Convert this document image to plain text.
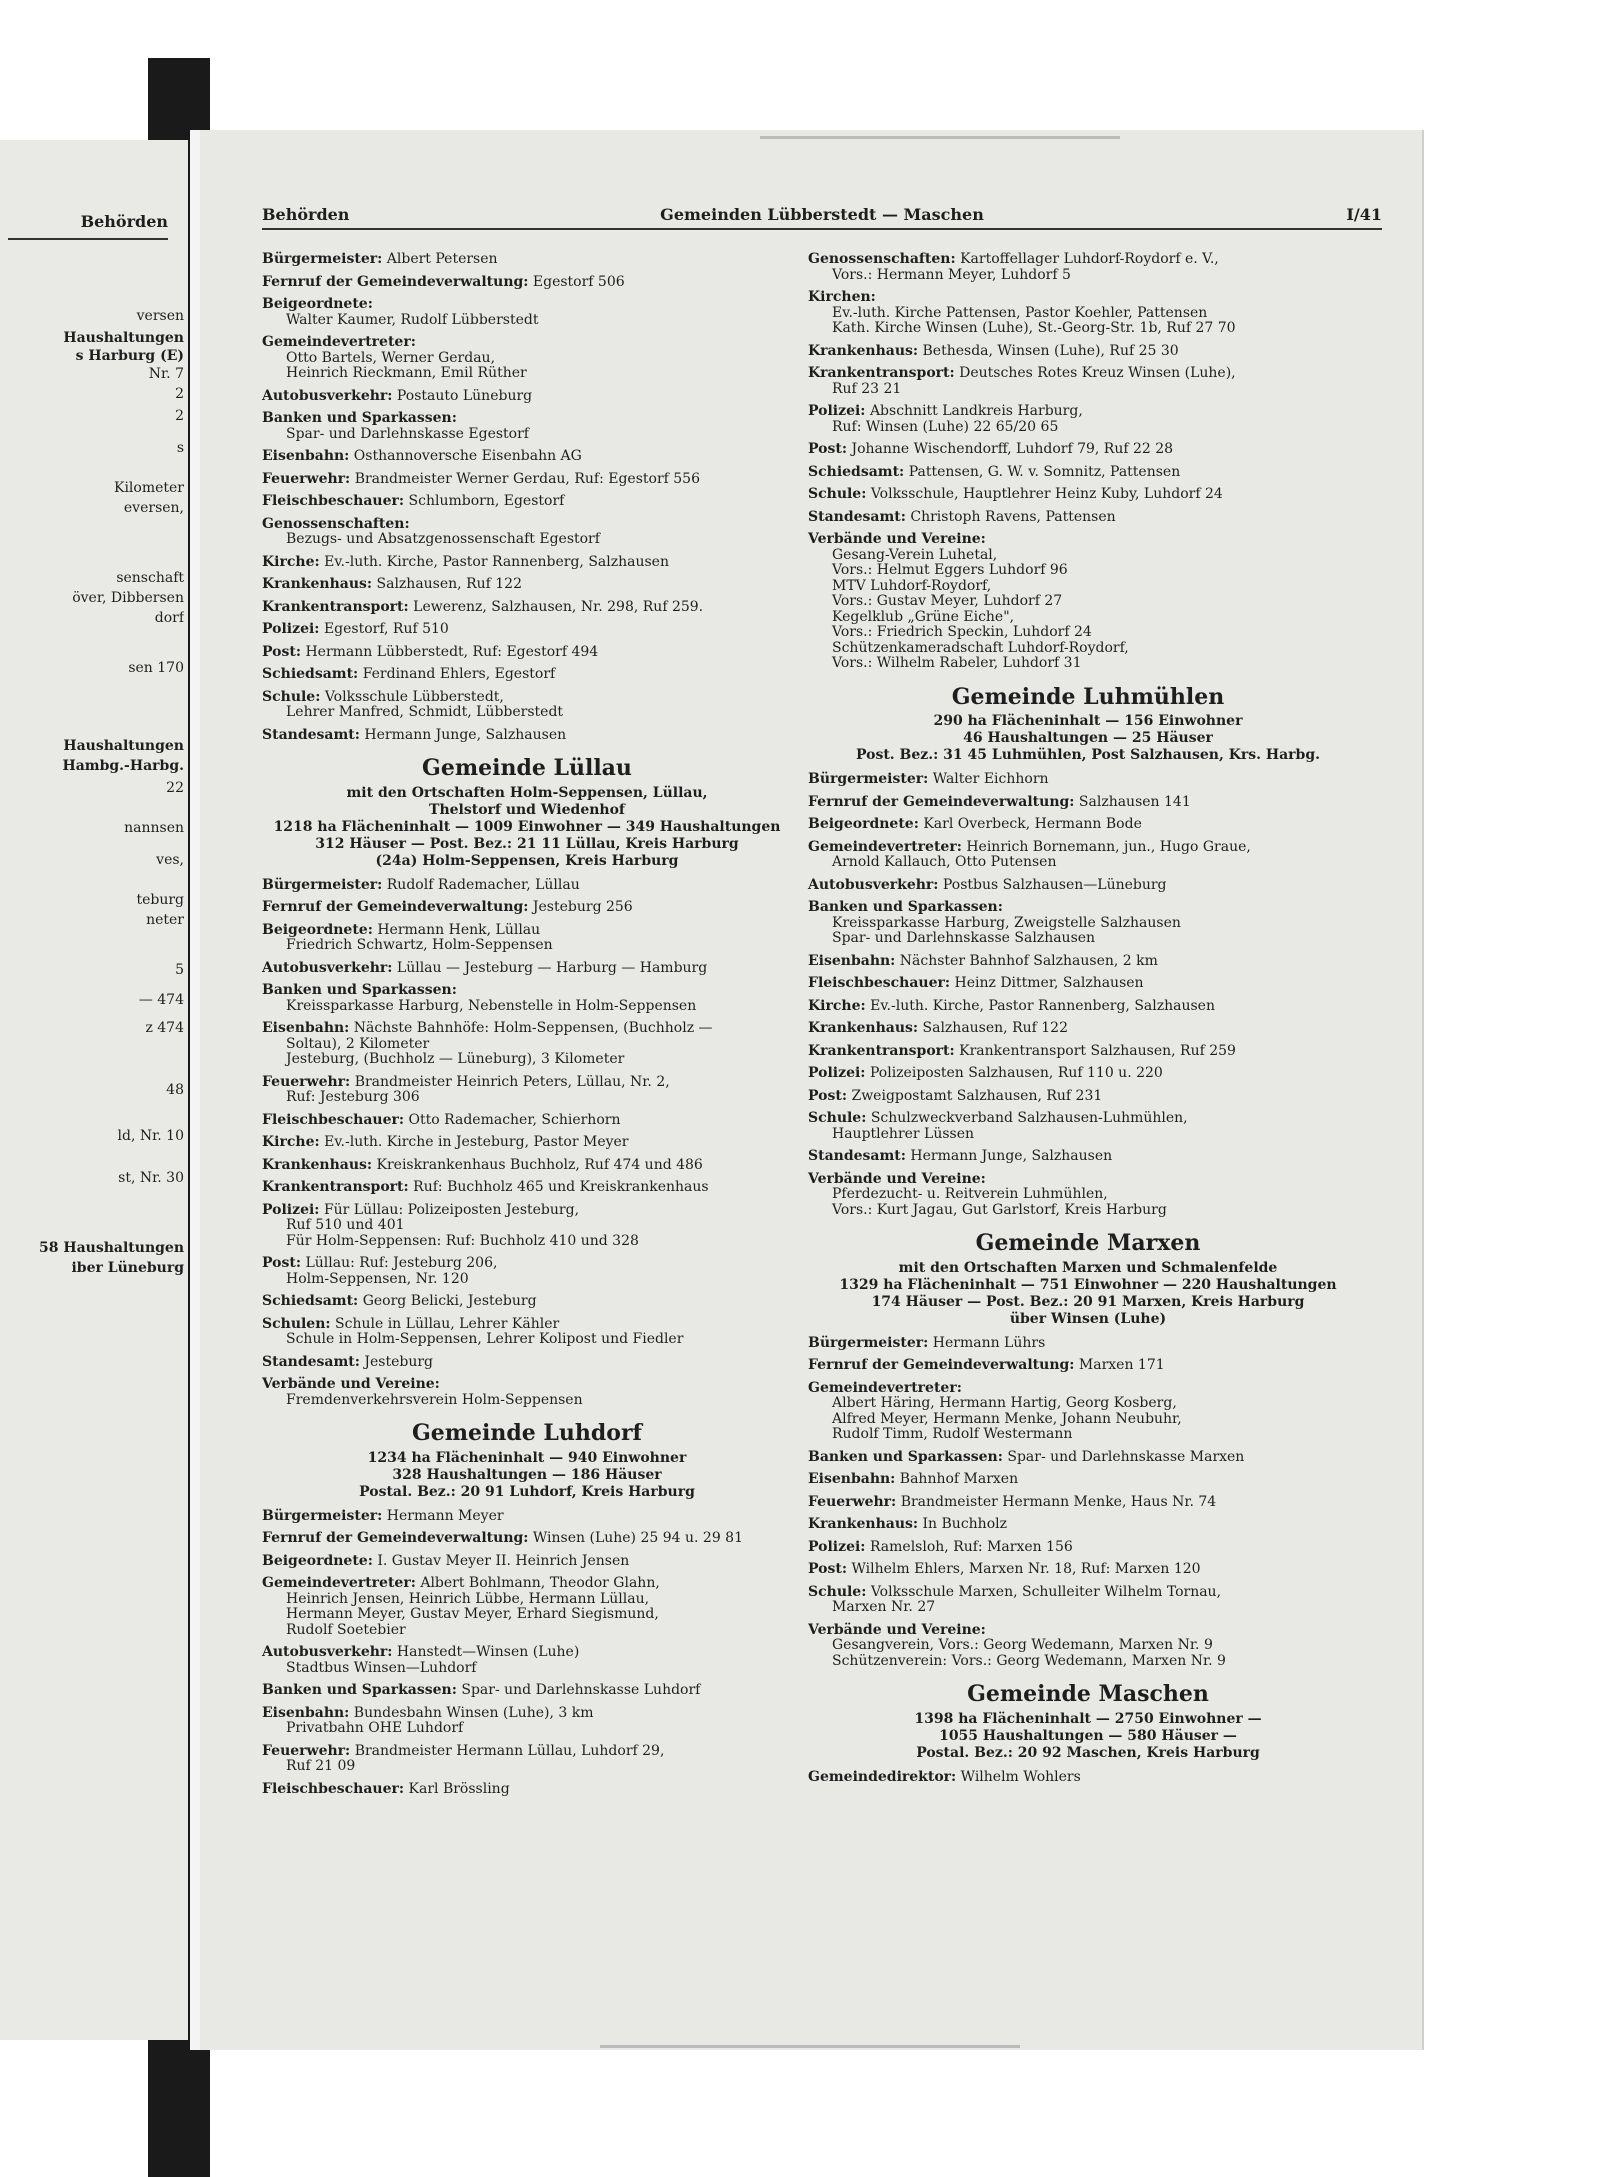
Behörden
versen
Haushaltungen
s Harburg (E)
Nr. 7
2
2
s
Kilometer
eversen,
senschaft
över, Dibbersen
dorf
sen 170
Haushaltungen
Hambg.-Harbg.
22
nannsen
ves,
teburg
neter
5
— 474
z 474
48
ld, Nr. 10
st, Nr. 30
58 Haushaltungen
iber Lüneburg
Behörden	Gemeinden Lübberstedt — Maschen	I/41
Bürgermeister: Albert Petersen
Fernruf der Gemeindeverwaltung: Egestorf 506
Beigeordnete:
Walter Kaumer, Rudolf Lübberstedt
Gemeindevertreter:
Otto Bartels, Werner Gerdau,
Heinrich Rieckmann, Emil Rüther
Autobusverkehr: Postauto Lüneburg
Banken und Sparkassen:
Spar- und Darlehnskasse Egestorf
Eisenbahn: Osthannoversche Eisenbahn AG
Feuerwehr: Brandmeister Werner Gerdau, Ruf: Egestorf 556
Fleischbeschauer: Schlumborn, Egestorf
Genossenschaften:
Bezugs- und Absatzgenossenschaft Egestorf
Kirche: Ev.-luth. Kirche, Pastor Rannenberg, Salzhausen
Krankenhaus: Salzhausen, Ruf 122
Krankentransport: Lewerenz, Salzhausen, Nr. 298, Ruf 259.
Polizei: Egestorf, Ruf 510
Post: Hermann Lübberstedt, Ruf: Egestorf 494
Schiedsamt: Ferdinand Ehlers, Egestorf
Schule: Volksschule Lübberstedt,
Lehrer Manfred, Schmidt, Lübberstedt
Standesamt: Hermann Junge, Salzhausen
Gemeinde Lüllau
mit den Ortschaften Holm-Seppensen, Lüllau,
Thelstorf und Wiedenhof
1218 ha Flächeninhalt — 1009 Einwohner — 349 Haushaltungen
312 Häuser — Post. Bez.: 21 11 Lüllau, Kreis Harburg
(24a) Holm-Seppensen, Kreis Harburg
Bürgermeister: Rudolf Rademacher, Lüllau
Fernruf der Gemeindeverwaltung: Jesteburg 256
Beigeordnete: Hermann Henk, Lüllau
Friedrich Schwartz, Holm-Seppensen
Autobusverkehr: Lüllau — Jesteburg — Harburg — Hamburg
Banken und Sparkassen:
Kreissparkasse Harburg, Nebenstelle in Holm-Seppensen
Eisenbahn: Nächste Bahnhöfe: Holm-Seppensen, (Buchholz —
Soltau), 2 Kilometer
Jesteburg, (Buchholz — Lüneburg), 3 Kilometer
Feuerwehr: Brandmeister Heinrich Peters, Lüllau, Nr. 2,
Ruf: Jesteburg 306
Fleischbeschauer: Otto Rademacher, Schierhorn
Kirche: Ev.-luth. Kirche in Jesteburg, Pastor Meyer
Krankenhaus: Kreiskrankenhaus Buchholz, Ruf 474 und 486
Krankentransport: Ruf: Buchholz 465 und Kreiskrankenhaus
Polizei: Für Lüllau: Polizeiposten Jesteburg,
Ruf 510 und 401
Für Holm-Seppensen: Ruf: Buchholz 410 und 328
Post: Lüllau: Ruf: Jesteburg 206,
Holm-Seppensen, Nr. 120
Schiedsamt: Georg Belicki, Jesteburg
Schulen: Schule in Lüllau, Lehrer Kähler
Schule in Holm-Seppensen, Lehrer Kolipost und Fiedler
Standesamt: Jesteburg
Verbände und Vereine:
Fremdenverkehrsverein Holm-Seppensen
Gemeinde Luhdorf
1234 ha Flächeninhalt — 940 Einwohner
328 Haushaltungen — 186 Häuser
Postal. Bez.: 20 91 Luhdorf, Kreis Harburg
Bürgermeister: Hermann Meyer
Fernruf der Gemeindeverwaltung: Winsen (Luhe) 25 94 u. 29 81
Beigeordnete: I. Gustav Meyer II. Heinrich Jensen
Gemeindevertreter: Albert Bohlmann, Theodor Glahn,
Heinrich Jensen, Heinrich Lübbe, Hermann Lüllau,
Hermann Meyer, Gustav Meyer, Erhard Siegismund,
Rudolf Soetebier
Autobusverkehr: Hanstedt—Winsen (Luhe)
Stadtbus Winsen—Luhdorf
Banken und Sparkassen: Spar- und Darlehnskasse Luhdorf
Eisenbahn: Bundesbahn Winsen (Luhe), 3 km
Privatbahn OHE Luhdorf
Feuerwehr: Brandmeister Hermann Lüllau, Luhdorf 29,
Ruf 21 09
Fleischbeschauer: Karl Brössling
Genossenschaften: Kartoffellager Luhdorf-Roydorf e. V.,
Vors.: Hermann Meyer, Luhdorf 5
Kirchen:
Ev.-luth. Kirche Pattensen, Pastor Koehler, Pattensen
Kath. Kirche Winsen (Luhe), St.-Georg-Str. 1b, Ruf 27 70
Krankenhaus: Bethesda, Winsen (Luhe), Ruf 25 30
Krankentransport: Deutsches Rotes Kreuz Winsen (Luhe),
Ruf 23 21
Polizei: Abschnitt Landkreis Harburg,
Ruf: Winsen (Luhe) 22 65/20 65
Post: Johanne Wischendorff, Luhdorf 79, Ruf 22 28
Schiedsamt: Pattensen, G. W. v. Somnitz, Pattensen
Schule: Volksschule, Hauptlehrer Heinz Kuby, Luhdorf 24
Standesamt: Christoph Ravens, Pattensen
Verbände und Vereine:
Gesang-Verein Luhetal,
Vors.: Helmut Eggers Luhdorf 96
MTV Luhdorf-Roydorf,
Vors.: Gustav Meyer, Luhdorf 27
Kegelklub „Grüne Eiche",
Vors.: Friedrich Speckin, Luhdorf 24
Schützenkameradschaft Luhdorf-Roydorf,
Vors.: Wilhelm Rabeler, Luhdorf 31
Gemeinde Luhmühlen
290 ha Flächeninhalt — 156 Einwohner
46 Haushaltungen — 25 Häuser
Post. Bez.: 31 45 Luhmühlen, Post Salzhausen, Krs. Harbg.
Bürgermeister: Walter Eichhorn
Fernruf der Gemeindeverwaltung: Salzhausen 141
Beigeordnete: Karl Overbeck, Hermann Bode
Gemeindevertreter: Heinrich Bornemann, jun., Hugo Graue,
Arnold Kallauch, Otto Putensen
Autobusverkehr: Postbus Salzhausen—Lüneburg
Banken und Sparkassen:
Kreissparkasse Harburg, Zweigstelle Salzhausen
Spar- und Darlehnskasse Salzhausen
Eisenbahn: Nächster Bahnhof Salzhausen, 2 km
Fleischbeschauer: Heinz Dittmer, Salzhausen
Kirche: Ev.-luth. Kirche, Pastor Rannenberg, Salzhausen
Krankenhaus: Salzhausen, Ruf 122
Krankentransport: Krankentransport Salzhausen, Ruf 259
Polizei: Polizeiposten Salzhausen, Ruf 110 u. 220
Post: Zweigpostamt Salzhausen, Ruf 231
Schule: Schulzweckverband Salzhausen-Luhmühlen,
Hauptlehrer Lüssen
Standesamt: Hermann Junge, Salzhausen
Verbände und Vereine:
Pferdezucht- u. Reitverein Luhmühlen,
Vors.: Kurt Jagau, Gut Garlstorf, Kreis Harburg
Gemeinde Marxen
mit den Ortschaften Marxen und Schmalenfelde
1329 ha Flächeninhalt — 751 Einwohner — 220 Haushaltungen
174 Häuser — Post. Bez.: 20 91 Marxen, Kreis Harburg
über Winsen (Luhe)
Bürgermeister: Hermann Lührs
Fernruf der Gemeindeverwaltung: Marxen 171
Gemeindevertreter:
Albert Häring, Hermann Hartig, Georg Kosberg,
Alfred Meyer, Hermann Menke, Johann Neubuhr,
Rudolf Timm, Rudolf Westermann
Banken und Sparkassen: Spar- und Darlehnskasse Marxen
Eisenbahn: Bahnhof Marxen
Feuerwehr: Brandmeister Hermann Menke, Haus Nr. 74
Krankenhaus: In Buchholz
Polizei: Ramelsloh, Ruf: Marxen 156
Post: Wilhelm Ehlers, Marxen Nr. 18, Ruf: Marxen 120
Schule: Volksschule Marxen, Schulleiter Wilhelm Tornau,
Marxen Nr. 27
Verbände und Vereine:
Gesangverein, Vors.: Georg Wedemann, Marxen Nr. 9
Schützenverein: Vors.: Georg Wedemann, Marxen Nr. 9
Gemeinde Maschen
1398 ha Flächeninhalt — 2750 Einwohner —
1055 Haushaltungen — 580 Häuser —
Postal. Bez.: 20 92 Maschen, Kreis Harburg
Gemeindedirektor: Wilhelm Wohlers
